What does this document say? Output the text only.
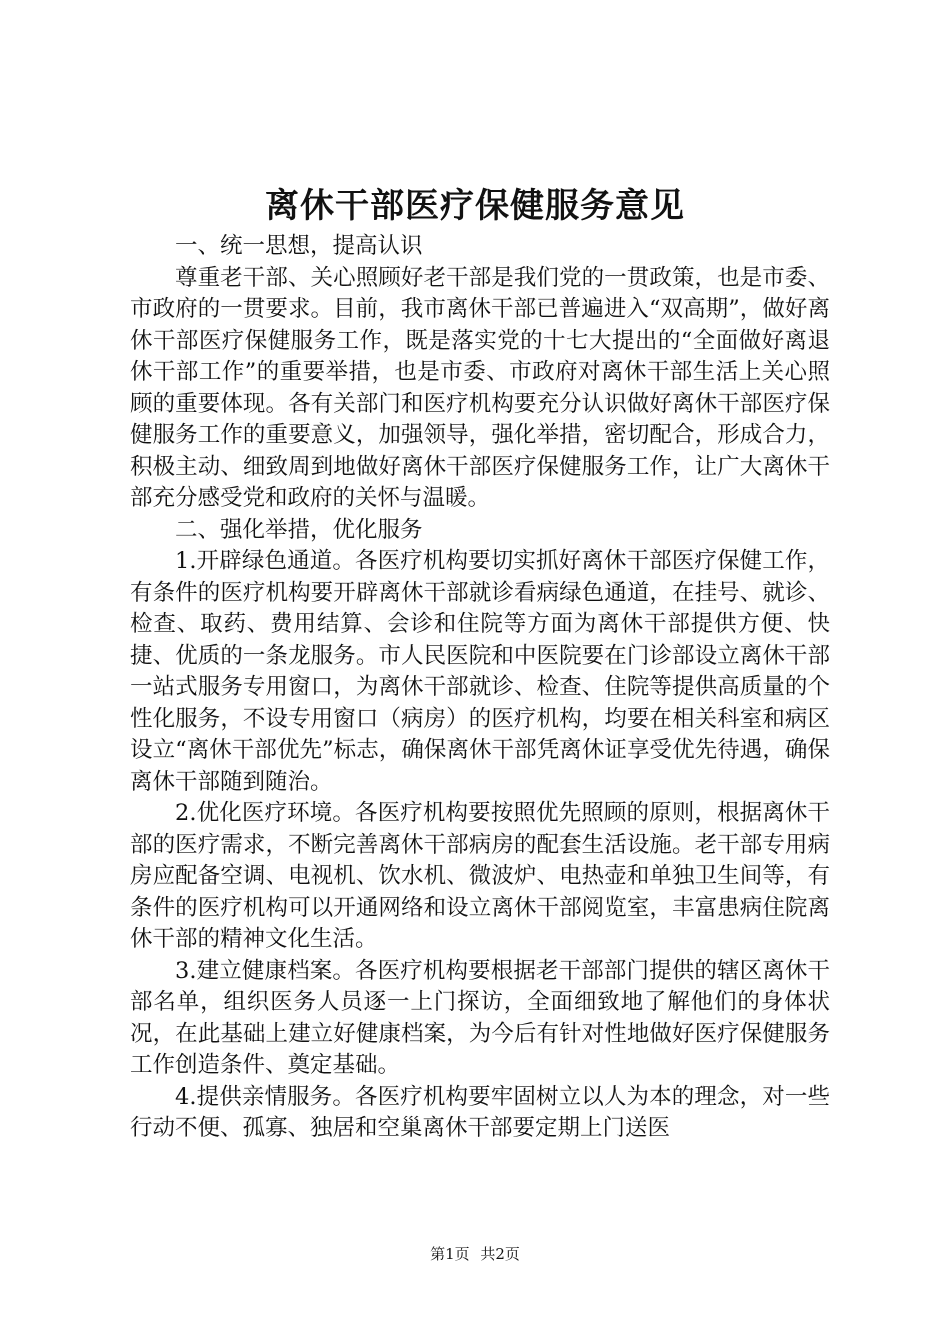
离休干部医疗保健服务意见

一、统一思想，提高认识

尊重老干部、关心照顾好老干部是我们党的一贯政策，也是市委、市政府的一贯要求。目前，我市离休干部已普遍进入“双高期”，做好离休干部医疗保健服务工作，既是落实党的十七大提出的“全面做好离退休干部工作”的重要举措，也是市委、市政府对离休干部生活上关心照顾的重要体现。各有关部门和医疗机构要充分认识做好离休干部医疗保健服务工作的重要意义，加强领导，强化举措，密切配合，形成合力，积极主动、细致周到地做好离休干部医疗保健服务工作，让广大离休干部充分感受党和政府的关怀与温暖。

二、强化举措，优化服务

1.开辟绿色通道。各医疗机构要切实抓好离休干部医疗保健工作，有条件的医疗机构要开辟离休干部就诊看病绿色通道，在挂号、就诊、检查、取药、费用结算、会诊和住院等方面为离休干部提供方便、快捷、优质的一条龙服务。市人民医院和中医院要在门诊部设立离休干部一站式服务专用窗口，为离休干部就诊、检查、住院等提供高质量的个性化服务，不设专用窗口（病房）的医疗机构，均要在相关科室和病区设立“离休干部优先”标志，确保离休干部凭离休证享受优先待遇，确保离休干部随到随治。

2.优化医疗环境。各医疗机构要按照优先照顾的原则，根据离休干部的医疗需求，不断完善离休干部病房的配套生活设施。老干部专用病房应配备空调、电视机、饮水机、微波炉、电热壶和单独卫生间等，有条件的医疗机构可以开通网络和设立离休干部阅览室，丰富患病住院离休干部的精神文化生活。

3.建立健康档案。各医疗机构要根据老干部部门提供的辖区离休干部名单，组织医务人员逐一上门探访，全面细致地了解他们的身体状况，在此基础上建立好健康档案，为今后有针对性地做好医疗保健服务工作创造条件、奠定基础。

4.提供亲情服务。各医疗机构要牢固树立以人为本的理念，对一些行动不便、孤寡、独居和空巢离休干部要定期上门送医

第1页 共2页
